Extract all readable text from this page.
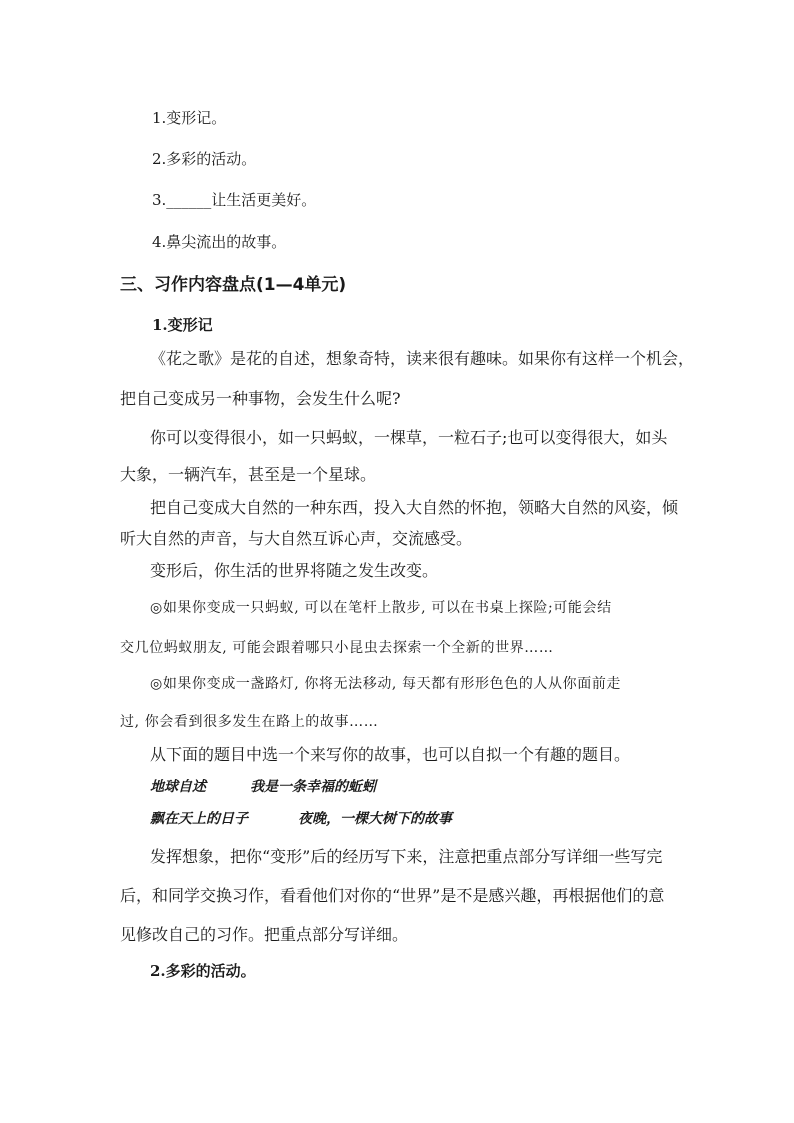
1.变形记。
2.多彩的活动。
3.______让生活更美好。
4.鼻尖流出的故事。
三、习作内容盘点(1—4单元)
1.变形记
《花之歌》是花的自述，想象奇特，读来很有趣味。如果你有这样一个机会，
把自己变成另一种事物，会发生什么呢?
你可以变得很小，如一只蚂蚁，一棵草，一粒石子;也可以变得很大，如头
大象，一辆汽车，甚至是一个星球。
把自己变成大自然的一种东西，投入大自然的怀抱，领略大自然的风姿，倾
听大自然的声音，与大自然互诉心声，交流感受。
变形后，你生活的世界将随之发生改变。
◎如果你变成一只蚂蚁, 可以在笔杆上散步, 可以在书桌上探险;可能会结
交几位蚂蚁朋友, 可能会跟着哪只小昆虫去探索一个全新的世界……
◎如果你变成一盏路灯, 你将无法移动, 每天都有形形色色的人从你面前走
过, 你会看到很多发生在路上的故事……
从下面的题目中选一个来写你的故事，也可以自拟一个有趣的题目。
地球自述	我是一条幸福的蚯蚓
飘在天上的日子	夜晚，一棵大树下的故事
发挥想象，把你“变形”后的经历写下来，注意把重点部分写详细一些写完
后，和同学交换习作，看看他们对你的“世界”是不是感兴趣，再根据他们的意
见修改自己的习作。把重点部分写详细。
2.多彩的活动。
